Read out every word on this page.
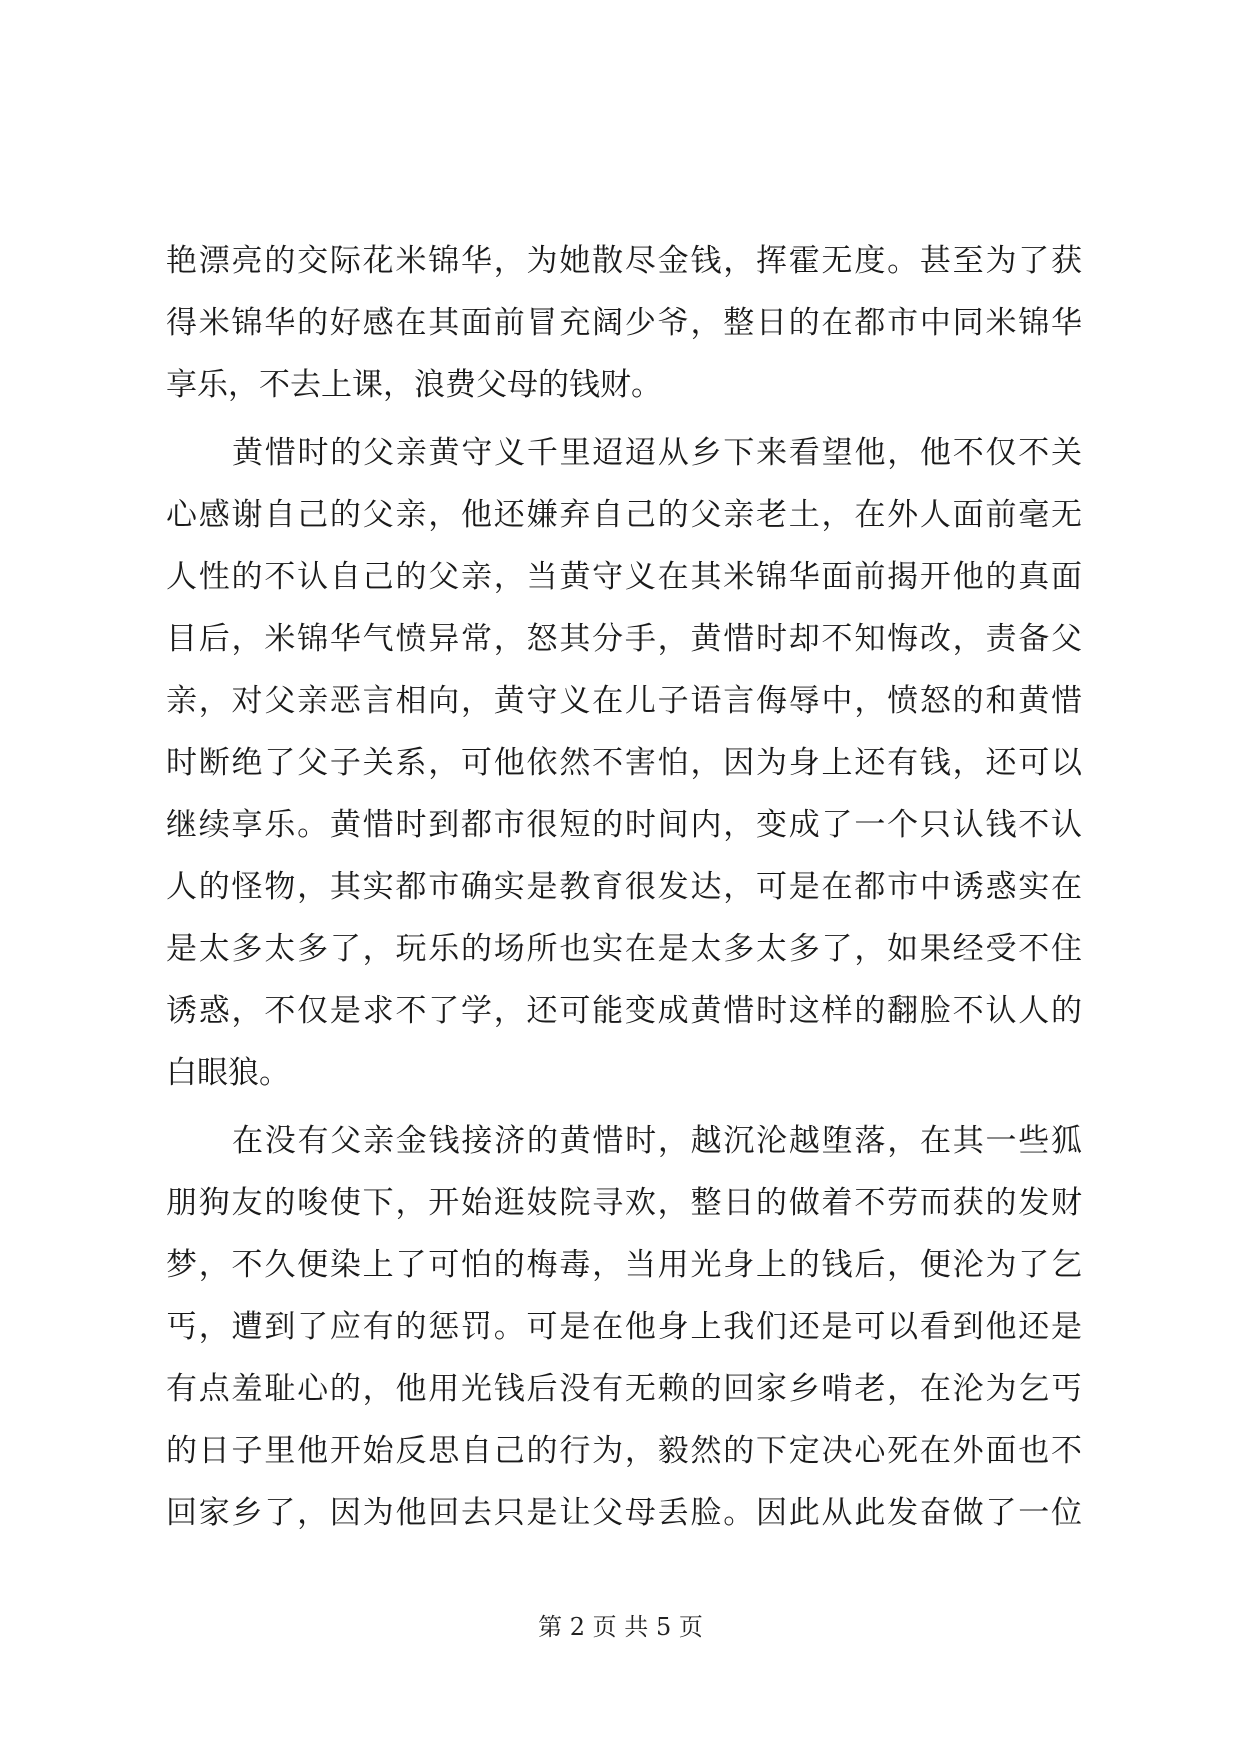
艳漂亮的交际花米锦华，为她散尽金钱，挥霍无度。甚至为了获
得米锦华的好感在其面前冒充阔少爷，整日的在都市中同米锦华
享乐，不去上课，浪费父母的钱财。
黄惜时的父亲黄守义千里迢迢从乡下来看望他，他不仅不关
心感谢自己的父亲，他还嫌弃自己的父亲老土，在外人面前毫无
人性的不认自己的父亲，当黄守义在其米锦华面前揭开他的真面
目后，米锦华气愤异常，怒其分手，黄惜时却不知悔改，责备父
亲，对父亲恶言相向，黄守义在儿子语言侮辱中，愤怒的和黄惜
时断绝了父子关系，可他依然不害怕，因为身上还有钱，还可以
继续享乐。黄惜时到都市很短的时间内，变成了一个只认钱不认
人的怪物，其实都市确实是教育很发达，可是在都市中诱惑实在
是太多太多了，玩乐的场所也实在是太多太多了，如果经受不住
诱惑，不仅是求不了学，还可能变成黄惜时这样的翻脸不认人的
白眼狼。
在没有父亲金钱接济的黄惜时，越沉沦越堕落，在其一些狐
朋狗友的唆使下，开始逛妓院寻欢，整日的做着不劳而获的发财
梦，不久便染上了可怕的梅毒，当用光身上的钱后，便沦为了乞
丐，遭到了应有的惩罚。可是在他身上我们还是可以看到他还是
有点羞耻心的，他用光钱后没有无赖的回家乡啃老，在沦为乞丐
的日子里他开始反思自己的行为，毅然的下定决心死在外面也不
回家乡了，因为他回去只是让父母丢脸。因此从此发奋做了一位
第 2 页 共 5 页
